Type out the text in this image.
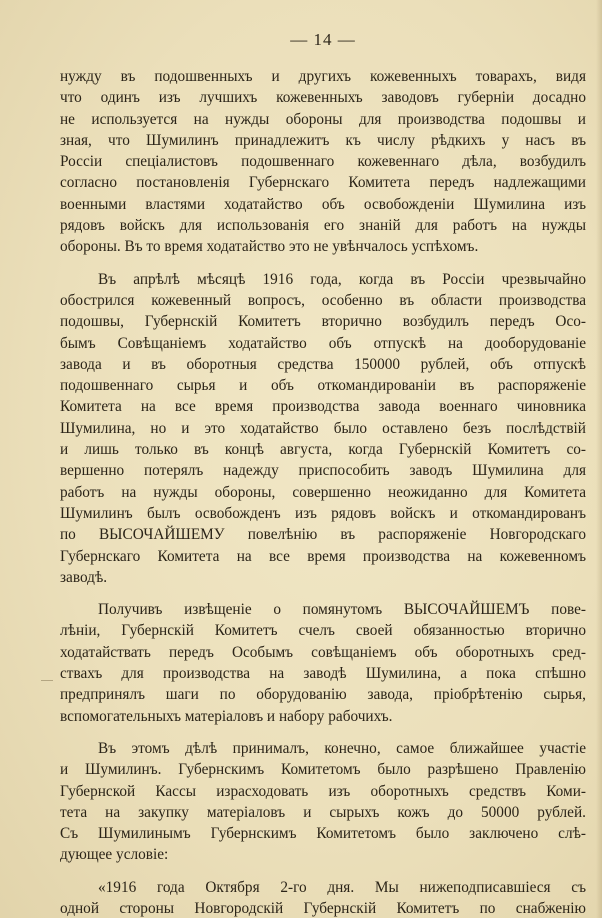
— 14 —
нужду въ подошвенныхъ и другихъ кожевенныхъ товарахъ, видя
что одинъ изъ лучшихъ кожевенныхъ заводовъ губерніи досадно
не используется на нужды обороны для производства подошвы и
зная, что Шумилинъ принадлежитъ къ числу рѣдкихъ у насъ въ
Россіи спеціалистовъ подошвеннаго кожевеннаго дѣла, возбудилъ
согласно постановленія Губернскаго Комитета передъ надлежащими
военными властями ходатайство объ освобожденіи Шумилина изъ
рядовъ войскъ для использованія его знаній для работъ на нужды
обороны. Въ то время ходатайство это не увѣнчалось успѣхомъ.
Въ апрѣлѣ мѣсяцѣ 1916 года, когда въ Россіи чрезвычайно
обострился кожевенный вопросъ, особенно въ области производства
подошвы, Губернскій Комитетъ вторично возбудилъ передъ Осо-
бымъ Совѣщаніемъ ходатайство объ отпускѣ на дооборудованіе
завода и въ оборотныя средства 150000 рублей, объ отпускѣ
подошвеннаго сырья и объ откомандированіи въ распоряженіе
Комитета на все время производства завода военнаго чиновника
Шумилина, но и это ходатайство было оставлено безъ послѣдствій
и лишь только въ концѣ августа, когда Губернскій Комитетъ со-
вершенно потерялъ надежду приспособить заводъ Шумилина для
работъ на нужды обороны, совершенно неожиданно для Комитета
Шумилинъ былъ освобожденъ изъ рядовъ войскъ и откомандированъ
по ВЫСОЧАЙШЕМУ повелѣнію въ распоряженіе Новгородскаго
Губернскаго Комитета на все время производства на кожевенномъ
заводѣ.
Получивъ извѣщеніе о помянутомъ ВЫСОЧАЙШЕМЪ пове-
лѣніи, Губернскій Комитетъ счелъ своей обязанностью вторично
ходатайствать передъ Особымъ совѣщаніемъ объ оборотныхъ сред-
ствахъ для производства на заводѣ Шумилина, а пока спѣшно
предпринялъ шаги по оборудованію завода, пріобрѣтенію сырья,
вспомогательныхъ матеріаловъ и набору рабочихъ.
Въ этомъ дѣлѣ принималъ, конечно, самое ближайшее участіе
и Шумилинъ. Губернскимъ Комитетомъ было разрѣшено Правленію
Губернской Кассы израсходовать изъ оборотныхъ средствъ Коми-
тета на закупку матеріаловъ и сырыхъ кожъ до 50000 рублей.
Съ Шумилинымъ Губернскимъ Комитетомъ было заключено слѣ-
дующее условіе:
«1916 года Октября 2-го дня. Мы нижеподписавшiеся съ
одной стороны Новгородскій Губернскій Комитетъ по снабженію
